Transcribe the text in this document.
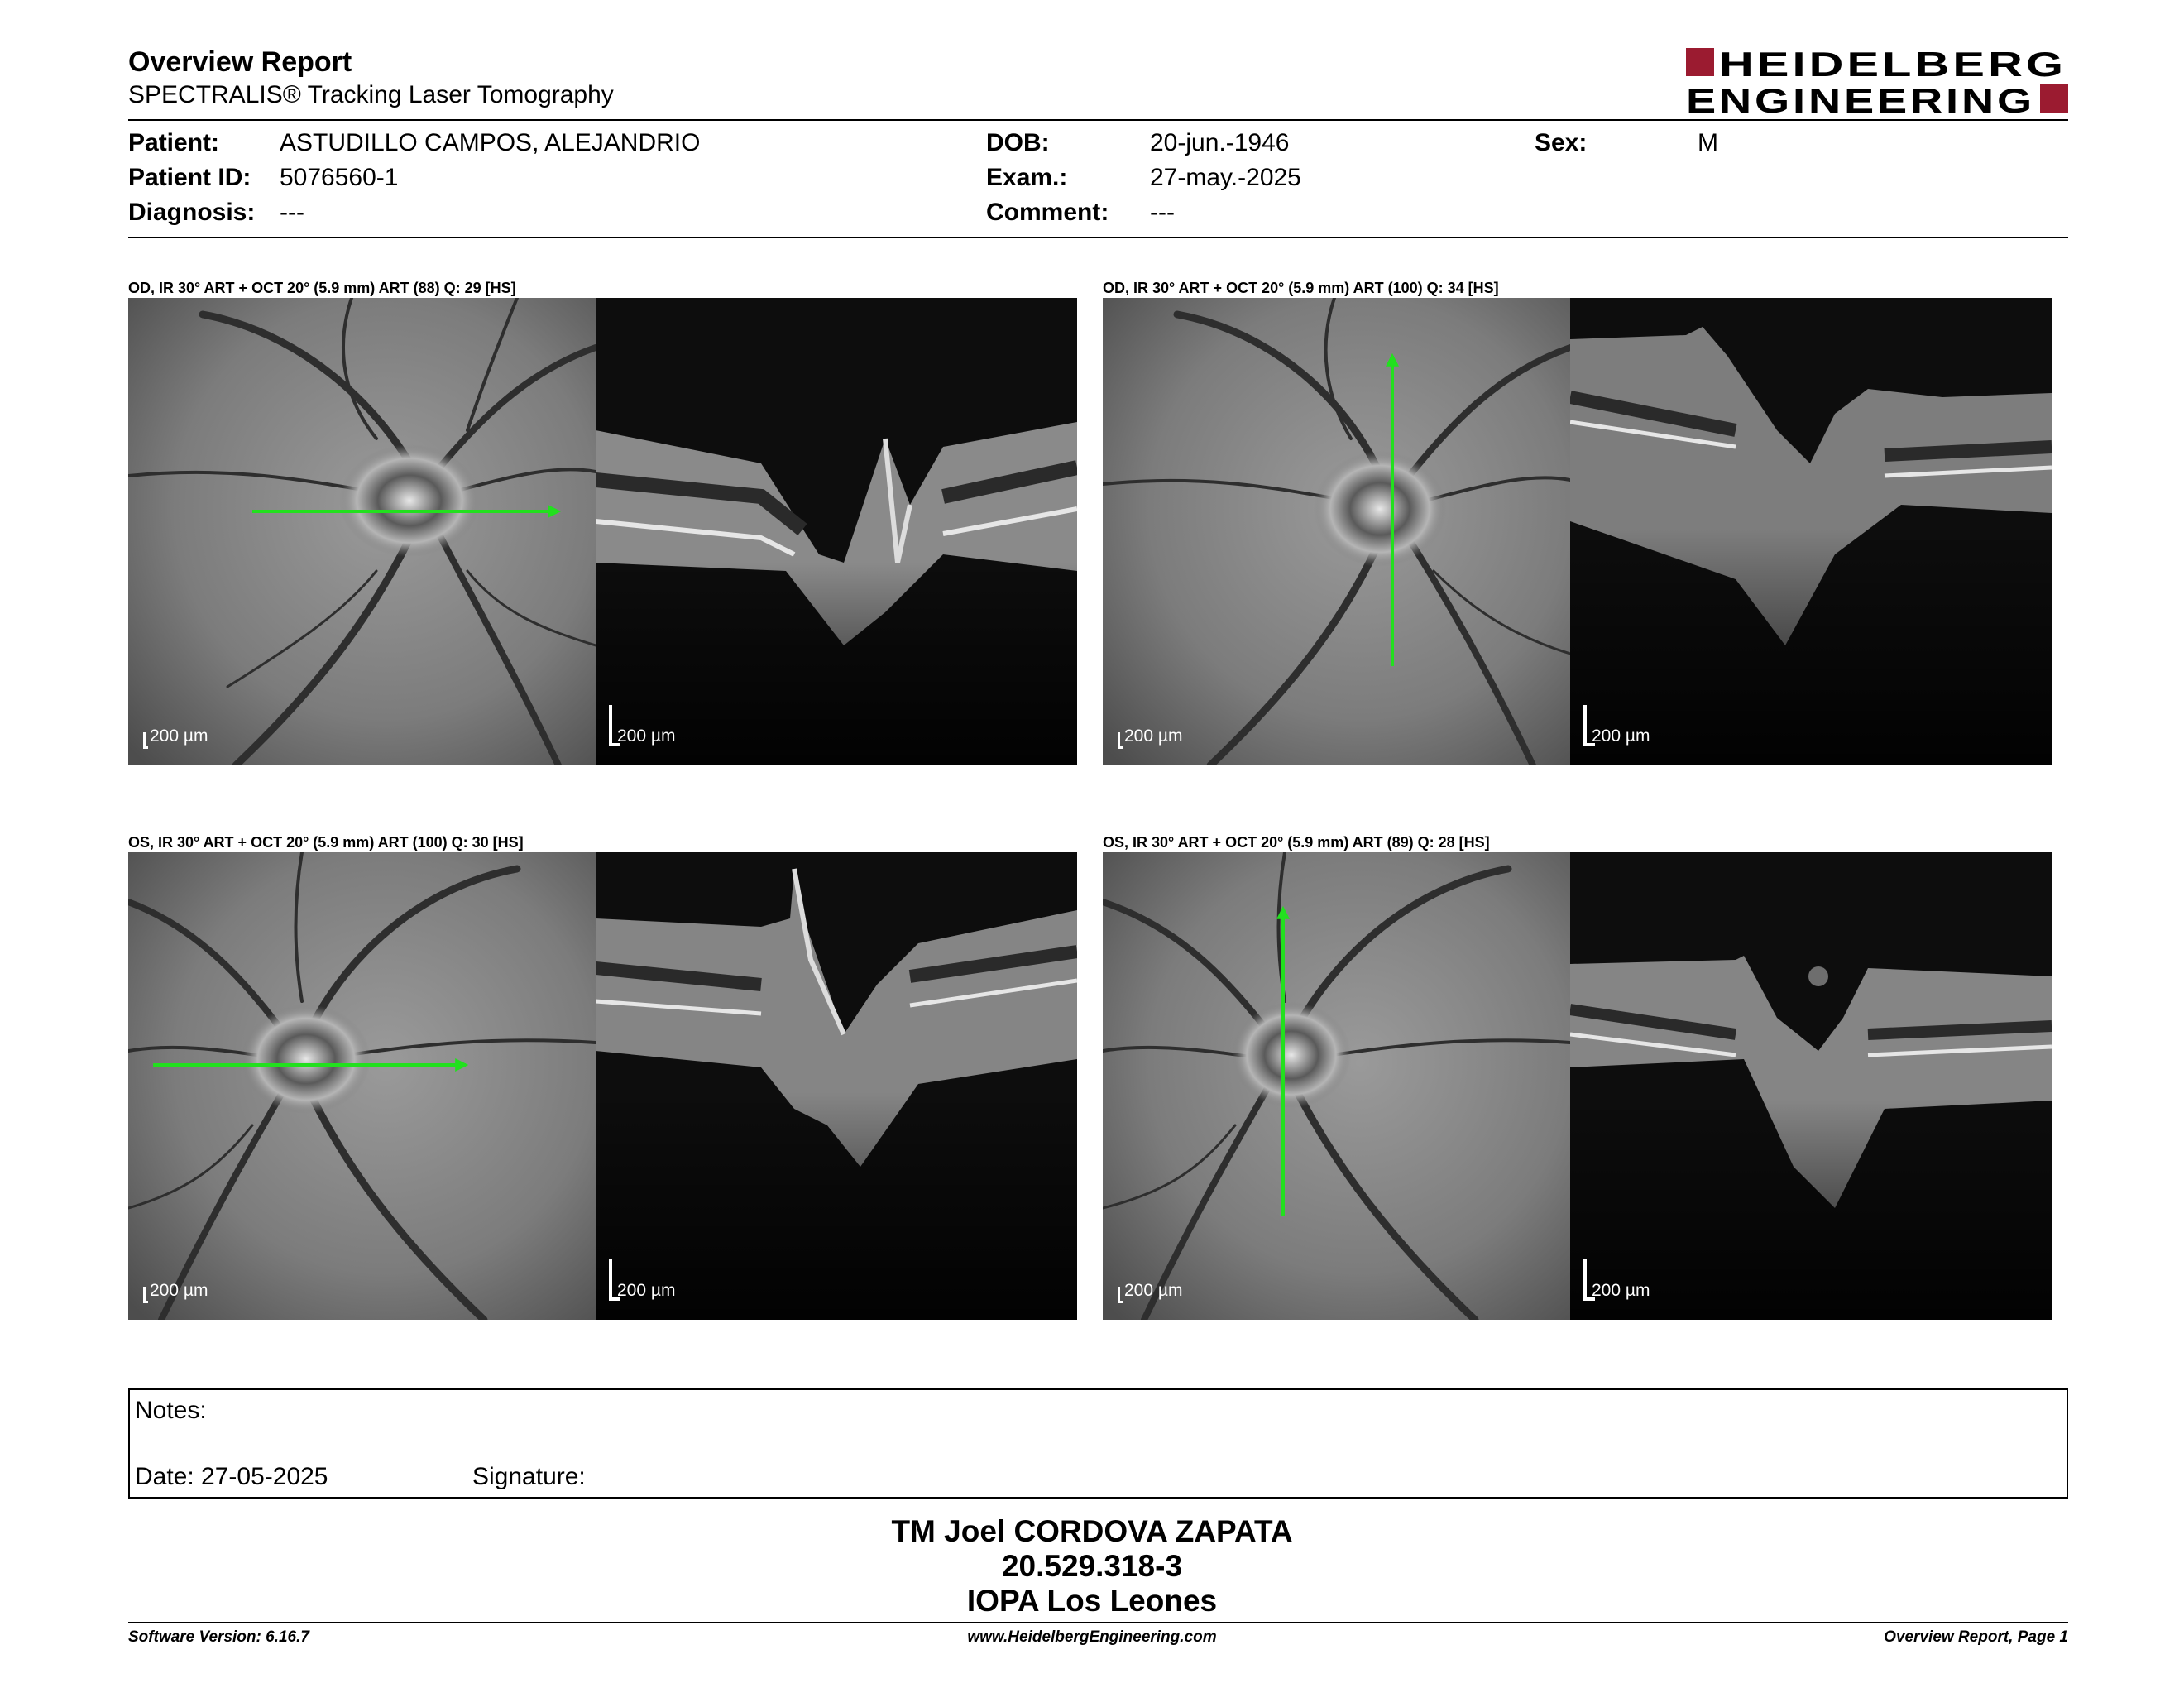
Overview Report
SPECTRALIS® Tracking Laser Tomography
HEIDELBERG
ENGINEERING
Patient: ASTUDILLO CAMPOS, ALEJANDRIO
Patient ID: 5076560-1
Diagnosis: ---
DOB:	20-jun.-1946
Exam.:	27-may.-2025
Comment: ---
Sex:	M
OD, IR 30° ART + OCT 20° (5.9 mm) ART (88) Q: 29 [HS]
200 µm	200 µm
OD, IR 30° ART + OCT 20° (5.9 mm) ART (100) Q: 34 [HS]
200 µm	200 µm
OS, IR 30° ART + OCT 20° (5.9 mm) ART (100) Q: 30 [HS]
200 µm	200 µm
OS, IR 30° ART + OCT 20° (5.9 mm) ART (89) Q: 28 [HS]
200 µm	200 µm
Notes:
Date: 27-05-2025	Signature:
TM Joel CORDOVA ZAPATA
20.529.318-3
IOPA Los Leones
Software Version: 6.16.7	www.HeidelbergEngineering.com	Overview Report, Page 1
